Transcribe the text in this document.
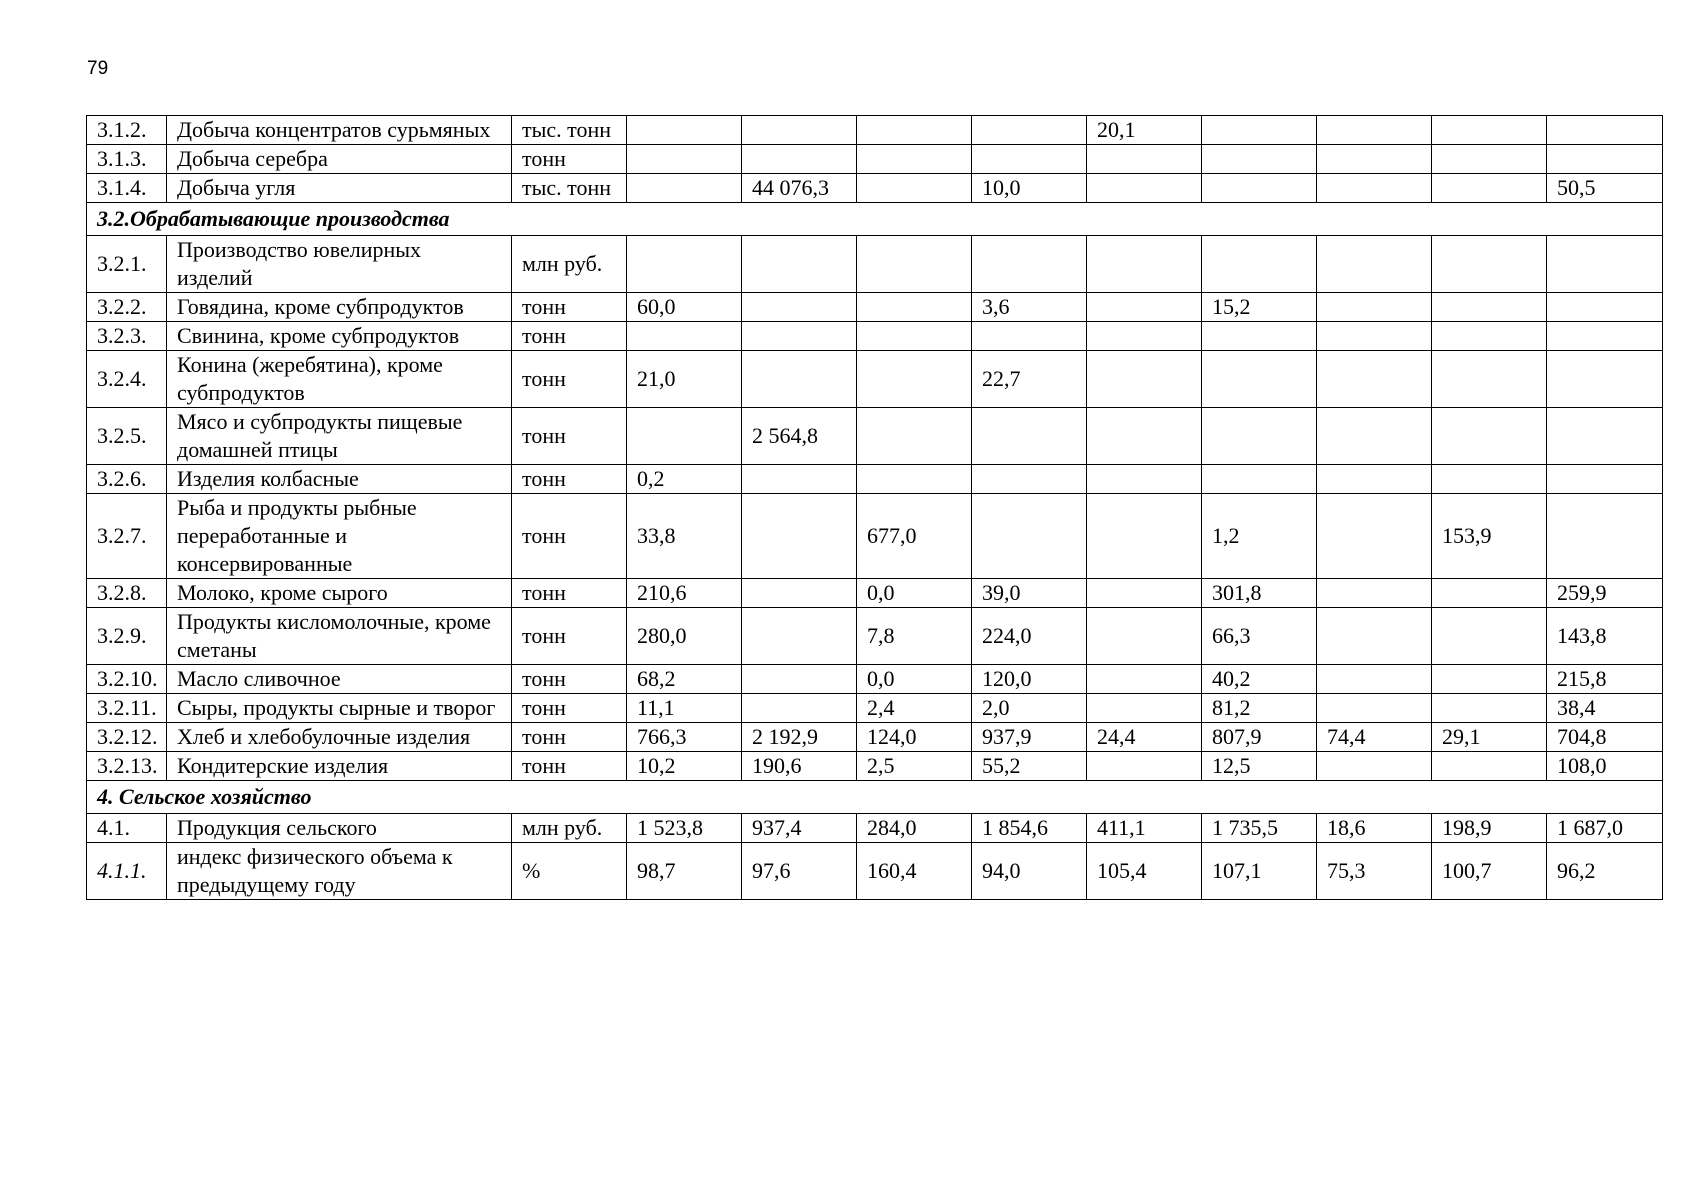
79
3.1.2.	Добыча концентратов сурьмяных	тыс. тонн					20,1				
3.1.3.	Добыча серебра	тонн									
3.1.4.	Добыча угля	тыс. тонн		44 076,3		10,0					50,5
3.2.Обрабатывающие производства											
3.2.1.	Производство ювелирных изделий	млн руб.									
3.2.2.	Говядина, кроме субпродуктов	тонн	60,0			3,6		15,2			
3.2.3.	Свинина, кроме субпродуктов	тонн									
3.2.4.	Конина (жеребятина), кроме субпродуктов	тонн	21,0			22,7					
3.2.5.	Мясо и субпродукты пищевые домашней птицы	тонн		2 564,8							
3.2.6.	Изделия колбасные	тонн	0,2								
3.2.7.	Рыба и продукты рыбные переработанные и консервированные	тонн	33,8		677,0			1,2		153,9	
3.2.8.	Молоко, кроме сырого	тонн	210,6		0,0	39,0		301,8			259,9
3.2.9.	Продукты кисломолочные, кроме сметаны	тонн	280,0		7,8	224,0		66,3			143,8
3.2.10.	Масло сливочное	тонн	68,2		0,0	120,0		40,2			215,8
3.2.11.	Сыры, продукты сырные и творог	тонн	11,1		2,4	2,0		81,2			38,4
3.2.12.	Хлеб и хлебобулочные изделия	тонн	766,3	2 192,9	124,0	937,9	24,4	807,9	74,4	29,1	704,8
3.2.13.	Кондитерские изделия	тонн	10,2	190,6	2,5	55,2		12,5			108,0
4. Сельское хозяйство											
4.1.	Продукция сельского	млн руб.	1 523,8	937,4	284,0	1 854,6	411,1	1 735,5	18,6	198,9	1 687,0
4.1.1.	индекс физического объема к предыдущему году	%	98,7	97,6	160,4	94,0	105,4	107,1	75,3	100,7	96,2
